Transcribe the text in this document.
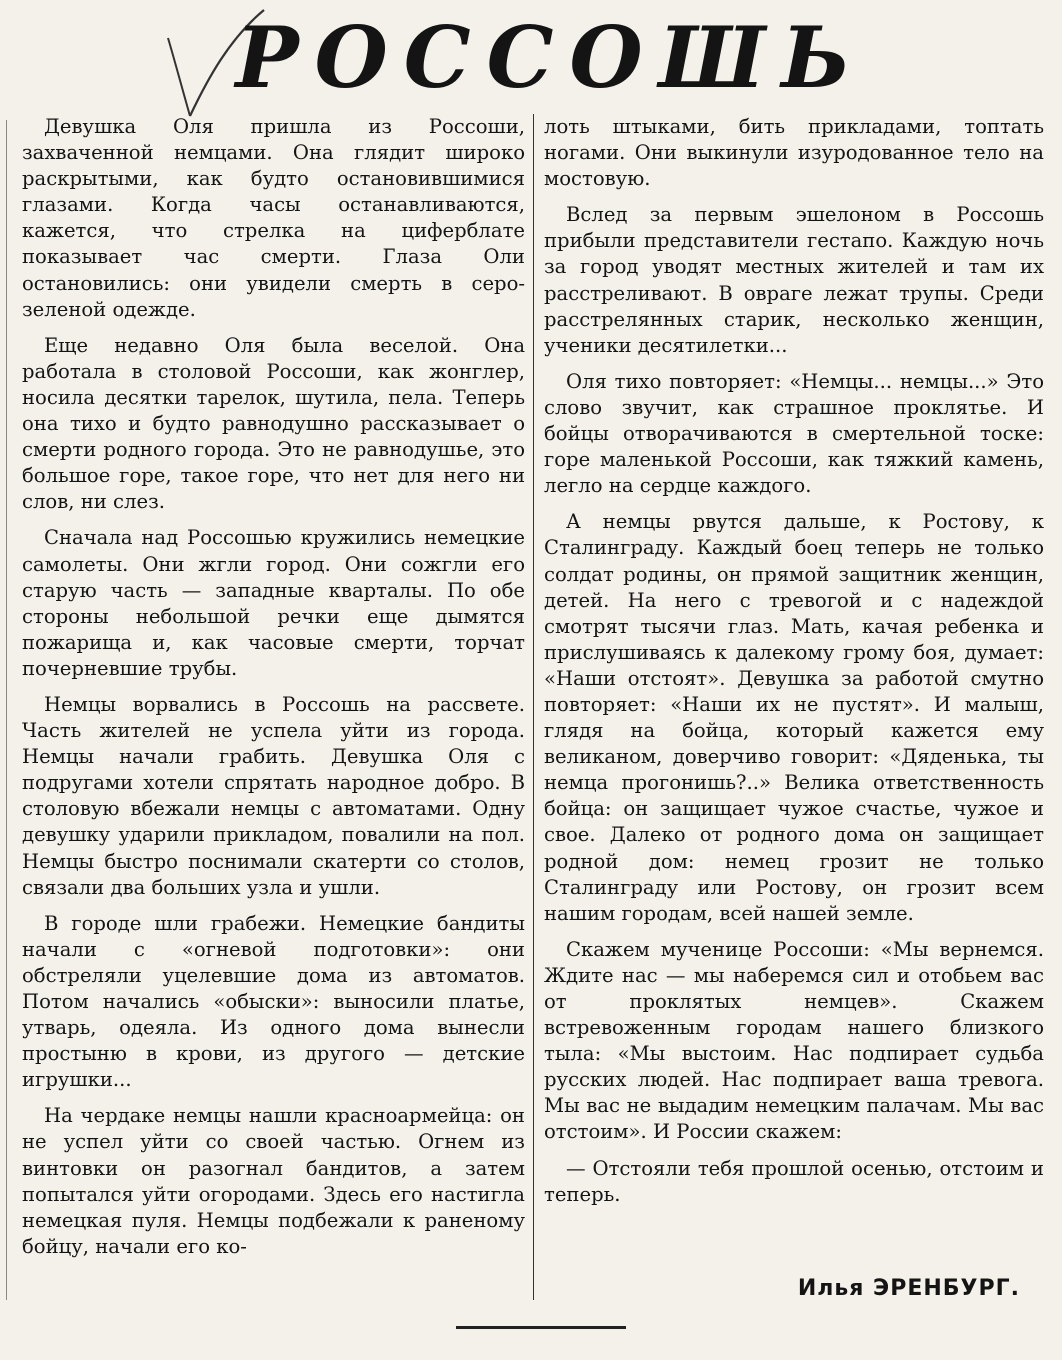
РОССОШЬ

Девушка Оля пришла из Россоши, захваченной немцами. Она глядит широко раскрытыми, как будто остановившимися глазами. Когда часы останавливаются, кажется, что стрелка на циферблате показывает час смерти. Глаза Оли остановились: они увидели смерть в серо-зеленой одежде.

Еще недавно Оля была веселой. Она работала в столовой Россоши, как жонглер, носила десятки тарелок, шутила, пела. Теперь она тихо и будто равнодушно рассказывает о смерти родного города. Это не равнодушье, это большое горе, такое горе, что нет для него ни слов, ни слез.

Сначала над Россошью кружились немецкие самолеты. Они жгли город. Они сожгли его старую часть — западные кварталы. По обе стороны небольшой речки еще дымятся пожарища и, как часовые смерти, торчат почерневшие трубы.

Немцы ворвались в Россошь на рассвете. Часть жителей не успела уйти из города. Немцы начали грабить. Девушка Оля с подругами хотели спрятать народное добро. В столовую вбежали немцы с автоматами. Одну девушку ударили прикладом, повалили на пол. Немцы быстро поснимали скатерти со столов, связали два больших узла и ушли.

В городе шли грабежи. Немецкие бандиты начали с «огневой подготовки»: они обстреляли уцелевшие дома из автоматов. Потом начались «обыски»: выносили платье, утварь, одеяла. Из одного дома вынесли простыню в крови, из другого — детские игрушки...

На чердаке немцы нашли красноармейца: он не успел уйти со своей частью. Огнем из винтовки он разогнал бандитов, а затем попытался уйти огородами. Здесь его настигла немецкая пуля. Немцы подбежали к раненому бойцу, начали его ко-

лоть штыками, бить прикладами, топтать ногами. Они выкинули изуродованное тело на мостовую.

Вслед за первым эшелоном в Россошь прибыли представители гестапо. Каждую ночь за город уводят местных жителей и там их расстреливают. В овраге лежат трупы. Среди расстрелянных старик, несколько женщин, ученики десятилетки...

Оля тихо повторяет: «Немцы... немцы...» Это слово звучит, как страшное проклятье. И бойцы отворачиваются в смертельной тоске: горе маленькой Россоши, как тяжкий камень, легло на сердце каждого.

А немцы рвутся дальше, к Ростову, к Сталинграду. Каждый боец теперь не только солдат родины, он прямой защитник женщин, детей. На него с тревогой и с надеждой смотрят тысячи глаз. Мать, качая ребенка и прислушиваясь к далекому грому боя, думает: «Наши отстоят». Девушка за работой смутно повторяет: «Наши их не пустят». И малыш, глядя на бойца, который кажется ему великаном, доверчиво говорит: «Дяденька, ты немца прогонишь?..» Велика ответственность бойца: он защищает чужое счастье, чужое и свое. Далеко от родного дома он защищает родной дом: немец грозит не только Сталинграду или Ростову, он грозит всем нашим городам, всей нашей земле.

Скажем мученице Россоши: «Мы вернемся. Ждите нас — мы наберемся сил и отобьем вас от проклятых немцев». Скажем встревоженным городам нашего близкого тыла: «Мы выстоим. Нас подпирает судьба русских людей. Нас подпирает ваша тревога. Мы вас не выдадим немецким палачам. Мы вас отстоим». И России скажем:

— Отстояли тебя прошлой осенью, отстоим и теперь.

Илья ЭРЕНБУРГ.
